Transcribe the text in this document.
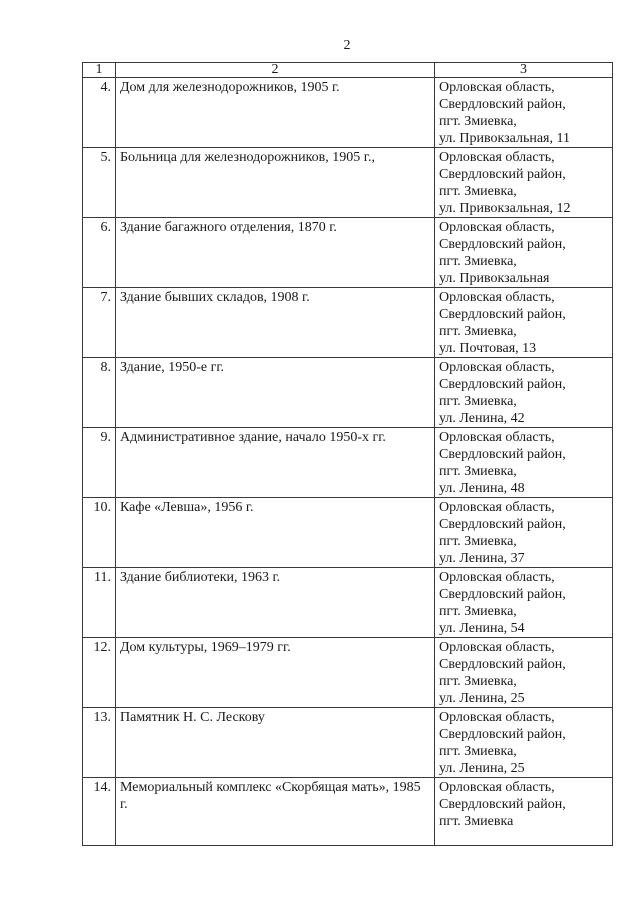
2
1	2	3
4.	Дом для железнодорожников, 1905 г.	Орловская область,
Свердловский район,
пгт. Змиевка,
ул. Привокзальная, 11

5.	Больница для железнодорожников, 1905 г.,	Орловская область,
Свердловский район,
пгт. Змиевка,
ул. Привокзальная, 12

6.	Здание багажного отделения, 1870 г.	Орловская область,
Свердловский район,
пгт. Змиевка,
ул. Привокзальная

7.	Здание бывших складов, 1908 г.	Орловская область,
Свердловский район,
пгт. Змиевка,
ул. Почтовая, 13

8.	Здание, 1950-е гг.	Орловская область,
Свердловский район,
пгт. Змиевка,
ул. Ленина, 42

9.	Административное здание, начало 1950-х гг.	Орловская область,
Свердловский район,
пгт. Змиевка,
ул. Ленина, 48

10.	Кафе «Левша», 1956 г.	Орловская область,
Свердловский район,
пгт. Змиевка,
ул. Ленина, 37

11.	Здание библиотеки, 1963 г.	Орловская область,
Свердловский район,
пгт. Змиевка,
ул. Ленина, 54

12.	Дом культуры, 1969–1979 гг.	Орловская область,
Свердловский район,
пгт. Змиевка,
ул. Ленина, 25

13.	Памятник Н. С. Лескову	Орловская область,
Свердловский район,
пгт. Змиевка,
ул. Ленина, 25

14.	Мемориальный комплекс «Скорбящая мать», 1985 г.	Орловская область,
Свердловский район,
пгт. Змиевка
